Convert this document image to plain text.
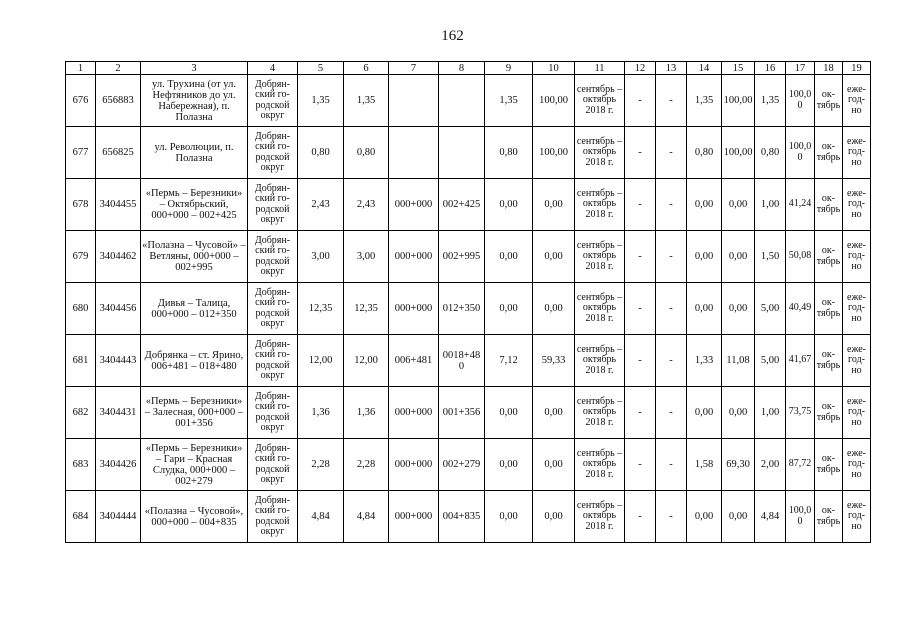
162
1	2	3	4	5	6	7	8	9	10	11	12	13	14	15	16	17	18	19
676	656883	ул. Трухина (от ул. Нефтяников до ул. Набережная), п. Полазна	Добрян-ский го-родской округ	1,35	1,35			1,35	100,00	сентябрь – октябрь 2018 г.	-	-	1,35	100,00	1,35	100,0 0	ок-тябрь	еже-год-но
677	656825	ул. Революции, п. Полазна	Добрян-ский го-родской округ	0,80	0,80			0,80	100,00	сентябрь – октябрь 2018 г.	-	-	0,80	100,00	0,80	100,0 0	ок-тябрь	еже-год-но
678	3404455	«Пермь – Березники» – Октябрьский, 000+000 – 002+425	Добрян-ский го-родской округ	2,43	2,43	000+000	002+425	0,00	0,00	сентябрь – октябрь 2018 г.	-	-	0,00	0,00	1,00	41,24	ок-тябрь	еже-год-но
679	3404462	«Полазна – Чусовой» – Ветляны, 000+000 – 002+995	Добрян-ский го-родской округ	3,00	3,00	000+000	002+995	0,00	0,00	сентябрь – октябрь 2018 г.	-	-	0,00	0,00	1,50	50,08	ок-тябрь	еже-год-но
680	3404456	Дивья – Талица, 000+000 – 012+350	Добрян-ский го-родской округ	12,35	12,35	000+000	012+350	0,00	0,00	сентябрь – октябрь 2018 г.	-	-	0,00	0,00	5,00	40,49	ок-тябрь	еже-год-но
681	3404443	Добрянка – ст. Ярино, 006+481 – 018+480	Добрян-ский го-родской округ	12,00	12,00	006+481	0018+48 0	7,12	59,33	сентябрь – октябрь 2018 г.	-	-	1,33	11,08	5,00	41,67	ок-тябрь	еже-год-но
682	3404431	«Пермь – Березники» – Залесная, 000+000 – 001+356	Добрян-ский го-родской округ	1,36	1,36	000+000	001+356	0,00	0,00	сентябрь – октябрь 2018 г.	-	-	0,00	0,00	1,00	73,75	ок-тябрь	еже-год-но
683	3404426	«Пермь – Березники» – Гари – Красная Слудка, 000+000 – 002+279	Добрян-ский го-родской округ	2,28	2,28	000+000	002+279	0,00	0,00	сентябрь – октябрь 2018 г.	-	-	1,58	69,30	2,00	87,72	ок-тябрь	еже-год-но
684	3404444	«Полазна – Чусовой», 000+000 – 004+835	Добрян-ский го-родской округ	4,84	4,84	000+000	004+835	0,00	0,00	сентябрь – октябрь 2018 г.	-	-	0,00	0,00	4,84	100,0 0	ок-тябрь	еже-год-но
